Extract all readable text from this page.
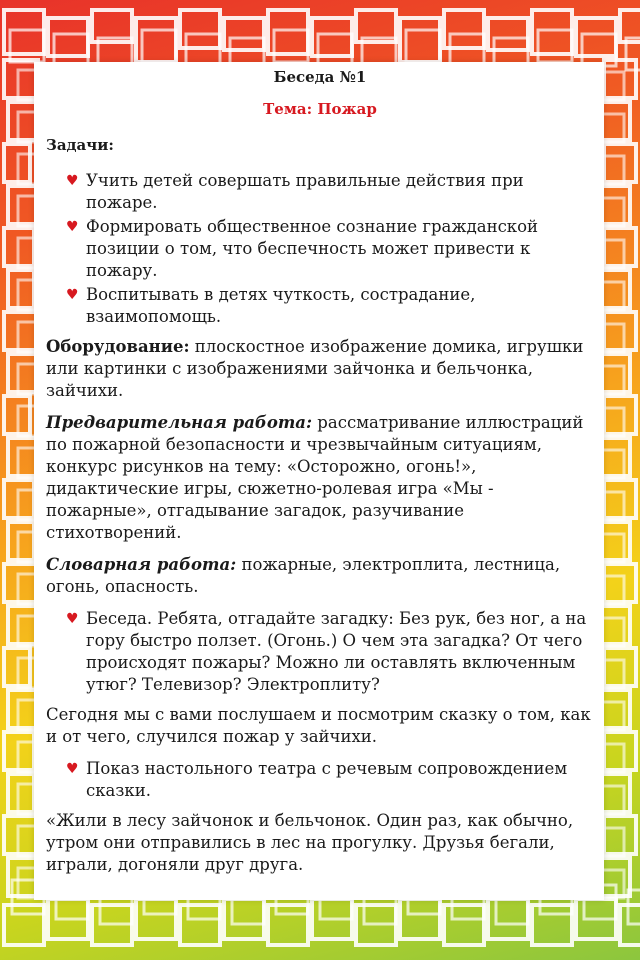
Беседа №1
Тема: Пожар
Задачи:
♥ Учить детей совершать правильные действия при пожаре.
♥ Формировать общественное сознание гражданской позиции о том, что беспечность может привести к пожару.
♥ Воспитывать в детях чуткость, сострадание, взаимопомощь.

Оборудование: плоскостное изображение домика, игрушки или картинки с изображениями зайчонка и бельчонка, зайчихи.

Предварительная работа: рассматривание иллюстраций по пожарной безопасности и чрезвычайным ситуациям, конкурс рисунков на тему: «Осторожно, огонь!», дидактические игры, сюжетно-ролевая игра «Мы - пожарные», отгадывание загадок, разучивание стихотворений.

Словарная работа: пожарные, электроплита, лестница, огонь, опасность.

♥ Беседа. Ребята, отгадайте загадку: Без рук, без ног, а на гору быстро ползет. (Огонь.) О чем эта загадка? От чего происходят пожары? Можно ли оставлять включенным утюг? Телевизор? Электроплиту?

Сегодня мы с вами послушаем и посмотрим сказку о том, как и от чего, случился пожар у зайчихи.

♥ Показ настольного театра с речевым сопровождением сказки.

«Жили в лесу зайчонок и бельчонок. Один раз, как обычно, утром они отправились в лес на прогулку. Друзья бегали, играли, догоняли друг друга.
